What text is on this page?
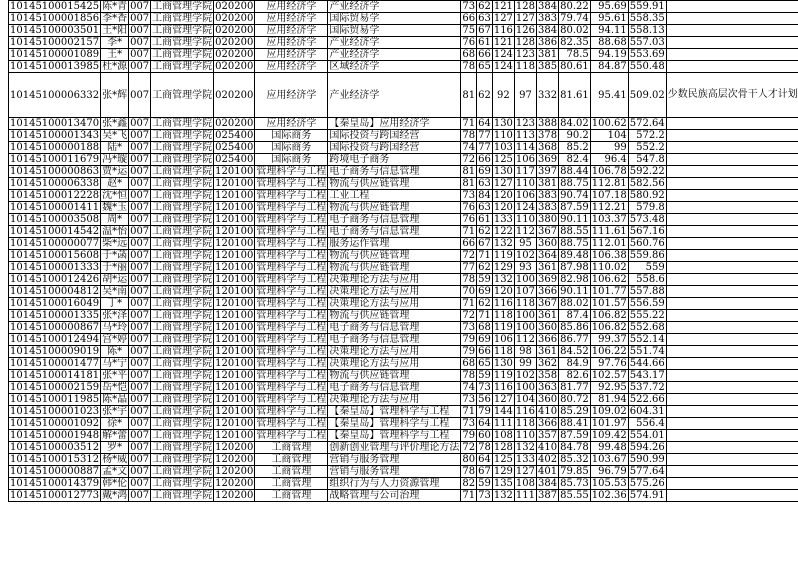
10145100015425	陈*青	007	工商管理学院	020200	应用经济学	产业经济学	73	62	121	128	384	80.22	95.69	559.91	
10145100001856	李*香	007	工商管理学院	020200	应用经济学	国际贸易学	66	63	127	127	383	79.74	95.61	558.35	
10145100003501	王*阳	007	工商管理学院	020200	应用经济学	国际贸易学	75	67	116	126	384	80.02	94.11	558.13	
10145100002157	李*	007	工商管理学院	020200	应用经济学	产业经济学	76	61	121	128	386	82.35	88.68	557.03	
10145100001089	王*	007	工商管理学院	020200	应用经济学	产业经济学	68	66	124	123	381	78.5	94.19	553.69	
10145100013985	杜*源	007	工商管理学院	020200	应用经济学	区域经济学	78	65	124	118	385	80.61	84.87	550.48	
10145100006332	张*辉	007	工商管理学院	020200	应用经济学	产业经济学	81	62	92	97	332	81.61	95.41	509.02	少数民族高层次骨干人才计划
10145100013470	张*鑫	007	工商管理学院	020200	应用经济学	【秦皇岛】应用经济学	71	64	130	123	388	84.02	100.62	572.64	
10145100001343	吴*飞	007	工商管理学院	025400	国际商务	国际投资与跨国经营	78	77	110	113	378	90.2	104	572.2	
10145100000188	陆*	007	工商管理学院	025400	国际商务	国际投资与跨国经营	74	77	103	114	368	85.2	99	552.2	
10145100011679	冯*璇	007	工商管理学院	025400	国际商务	跨境电子商务	72	66	125	106	369	82.4	96.4	547.8	
10145100000863	贾*运	007	工商管理学院	120100	管理科学与工程	电子商务与信息管理	81	69	130	117	397	88.44	106.78	592.22	
10145100006338	赵*	007	工商管理学院	120100	管理科学与工程	物流与供应链管理	81	63	127	110	381	88.75	112.81	582.56	
10145100012228	沈*恒	007	工商管理学院	120100	管理科学与工程	工业工程	73	84	120	106	383	90.74	107.18	580.92	
10145100001411	魏*玉	007	工商管理学院	120100	管理科学与工程	物流与供应链管理	76	63	120	124	383	87.59	112.21	579.8	
10145100003508	周*	007	工商管理学院	120100	管理科学与工程	电子商务与信息管理	76	61	133	110	380	90.11	103.37	573.48	
10145100014542	温*怡	007	工商管理学院	120100	管理科学与工程	电子商务与信息管理	71	62	122	112	367	88.55	111.61	567.16	
10145100000077	柴*远	007	工商管理学院	120100	管理科学与工程	服务运作管理	66	67	132	95	360	88.75	112.01	560.76	
10145100015608	于*菡	007	工商管理学院	120100	管理科学与工程	物流与供应链管理	72	71	119	102	364	89.48	106.38	559.86	
10145100001333	于*丽	007	工商管理学院	120100	管理科学与工程	物流与供应链管理	77	62	129	93	361	87.98	110.02	559	
10145100012426	胡*运	007	工商管理学院	120100	管理科学与工程	决策理论方法与应用	78	59	132	100	369	82.98	106.62	558.6	
10145100004812	吴*南	007	工商管理学院	120100	管理科学与工程	决策理论方法与应用	70	69	120	107	366	90.11	101.77	557.88	
10145100016049	丁*	007	工商管理学院	120100	管理科学与工程	决策理论方法与应用	71	62	116	118	367	88.02	101.57	556.59	
10145100001335	张*泽	007	工商管理学院	120100	管理科学与工程	物流与供应链管理	72	71	118	100	361	87.4	106.82	555.22	
10145100000867	马*玲	007	工商管理学院	120100	管理科学与工程	电子商务与信息管理	73	68	119	100	360	85.86	106.82	552.68	
10145100012494	宫*婷	007	工商管理学院	120100	管理科学与工程	电子商务与信息管理	79	69	106	112	366	86.77	99.37	552.14	
10145100009019	陈*	007	工商管理学院	120100	管理科学与工程	决策理论方法与应用	79	66	118	98	361	84.52	106.22	551.74	
10145100001477	马*宁	007	工商管理学院	120100	管理科学与工程	决策理论方法与应用	68	65	130	99	362	84.9	97.76	544.66	
10145100014181	张*平	007	工商管理学院	120100	管理科学与工程	物流与供应链管理	78	59	119	102	358	82.6	102.57	543.17	
10145100002159	岳*恺	007	工商管理学院	120100	管理科学与工程	电子商务与信息管理	74	73	116	100	363	81.77	92.95	537.72	
10145100011985	陈*晶	007	工商管理学院	120100	管理科学与工程	决策理论方法与应用	73	56	127	104	360	80.72	81.94	522.66	
10145100001023	张*宇	007	工商管理学院	120100	管理科学与工程	【秦皇岛】管理科学与工程	71	79	144	116	410	85.29	109.02	604.31	
10145100001092	徐*	007	工商管理学院	120100	管理科学与工程	【秦皇岛】管理科学与工程	73	64	111	118	366	88.41	101.97	556.4	
10145100001948	解*蕾	007	工商管理学院	120100	管理科学与工程	【秦皇岛】管理科学与工程	79	60	108	110	357	87.59	109.42	554.01	
10145100003512	罗*	007	工商管理学院	120200	工商管理	创新创业管理与评价理论方法	72	78	128	132	410	84.78	99.48	594.26	
10145100015312	杨*威	007	工商管理学院	120200	工商管理	营销与服务管理	80	64	125	133	402	85.32	103.67	590.99	
10145100000887	孟*文	007	工商管理学院	120200	工商管理	营销与服务管理	78	67	129	127	401	79.85	96.79	577.64	
10145100014379	韩*伦	007	工商管理学院	120200	工商管理	组织行为与人力资源管理	82	59	135	108	384	85.73	105.53	575.26	
10145100012773	戴*鸿	007	工商管理学院	120200	工商管理	战略管理与公司治理	71	73	132	111	387	85.55	102.36	574.91	
